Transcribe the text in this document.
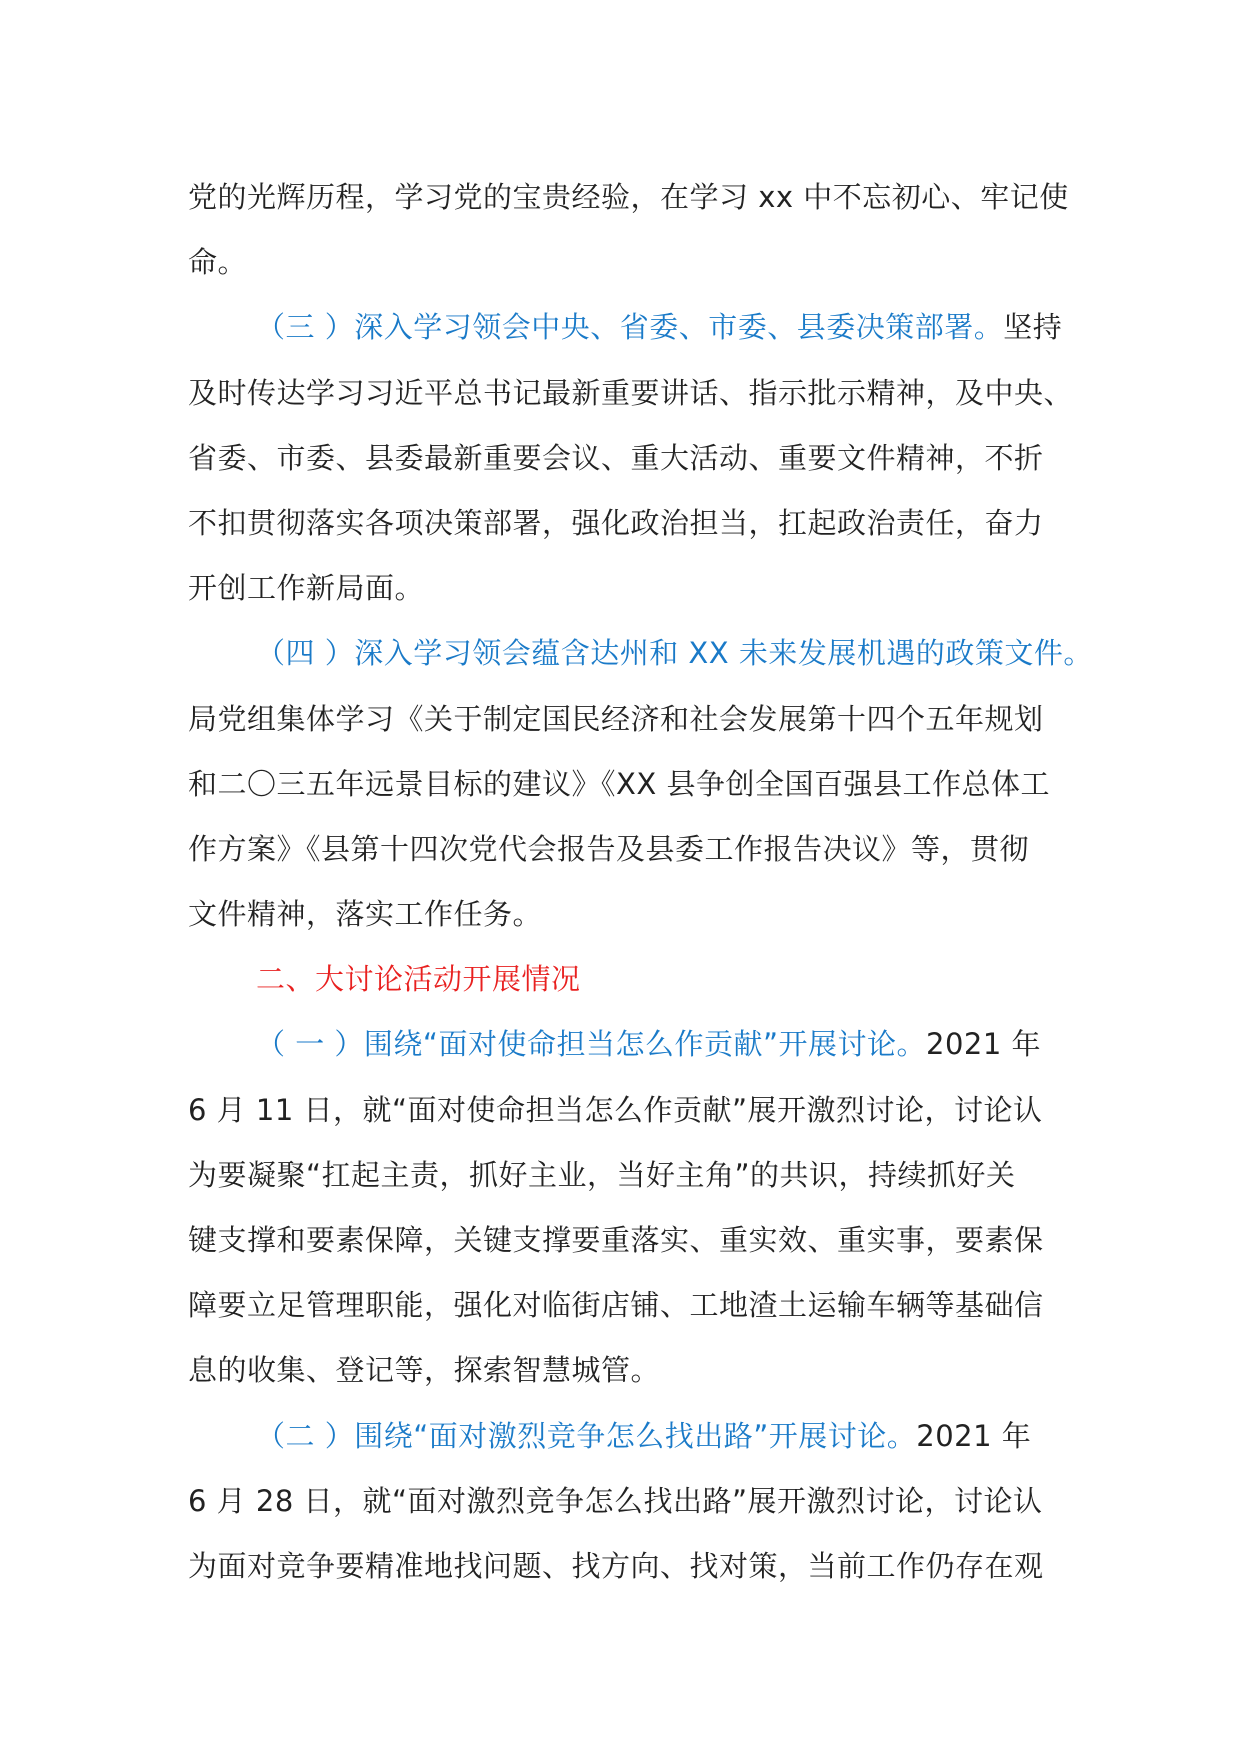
党的光辉历程，学习党的宝贵经验，在学习 xx 中不忘初心、牢记使
命。
（三 ）深入学习领会中央、省委、市委、县委决策部署。坚持
及时传达学习习近平总书记最新重要讲话、指示批示精神，及中央、
省委、市委、县委最新重要会议、重大活动、重要文件精神，不折
不扣贯彻落实各项决策部署，强化政治担当，扛起政治责任，奋力
开创工作新局面。
（四 ）深入学习领会蕴含达州和 XX 未来发展机遇的政策文件。
局党组集体学习《关于制定国民经济和社会发展第十四个五年规划
和二〇三五年远景目标的建议》《XX 县争创全国百强县工作总体工
作方案》《县第十四次党代会报告及县委工作报告决议》等，贯彻
文件精神，落实工作任务。
二、大讨论活动开展情况
（ 一 ）围绕“面对使命担当怎么作贡献”开展讨论。2021 年
6 月 11 日，就“面对使命担当怎么作贡献”展开激烈讨论，讨论认
为要凝聚“扛起主责，抓好主业，当好主角”的共识，持续抓好关
键支撑和要素保障，关键支撑要重落实、重实效、重实事，要素保
障要立足管理职能，强化对临街店铺、工地渣土运输车辆等基础信
息的收集、登记等，探索智慧城管。
（二 ）围绕“面对激烈竞争怎么找出路”开展讨论。2021 年
6 月 28 日，就“面对激烈竞争怎么找出路”展开激烈讨论，讨论认
为面对竞争要精准地找问题、找方向、找对策，当前工作仍存在观
